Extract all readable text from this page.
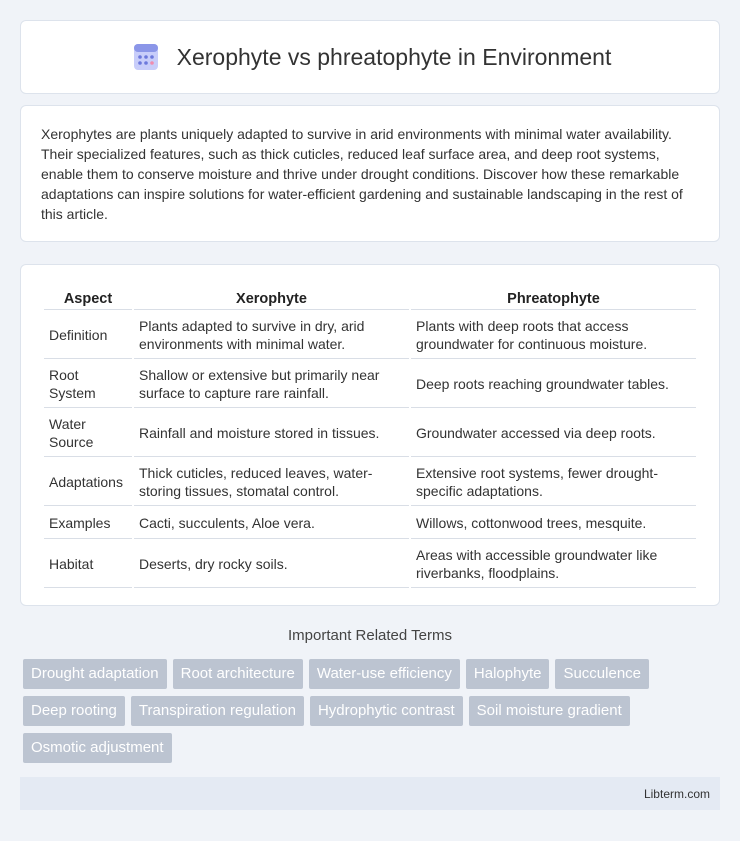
Xerophyte vs phreatophyte in Environment

Xerophytes are plants uniquely adapted to survive in arid environments with minimal water availability. Their specialized features, such as thick cuticles, reduced leaf surface area, and deep root systems, enable them to conserve moisture and thrive under drought conditions. Discover how these remarkable adaptations can inspire solutions for water-efficient gardening and sustainable landscaping in the rest of this article.

Aspect	Xerophyte	Phreatophyte
Definition	Plants adapted to survive in dry, arid environments with minimal water.	Plants with deep roots that access groundwater for continuous moisture.
Root System	Shallow or extensive but primarily near surface to capture rare rainfall.	Deep roots reaching groundwater tables.
Water Source	Rainfall and moisture stored in tissues.	Groundwater accessed via deep roots.
Adaptations	Thick cuticles, reduced leaves, water-storing tissues, stomatal control.	Extensive root systems, fewer drought-specific adaptations.
Examples	Cacti, succulents, Aloe vera.	Willows, cottonwood trees, mesquite.
Habitat	Deserts, dry rocky soils.	Areas with accessible groundwater like riverbanks, floodplains.
Important Related Terms
Drought adaptation	Root architecture	Water-use efficiency	Halophyte	Succulence
Deep rooting	Transpiration regulation	Hydrophytic contrast	Soil moisture gradient
Osmotic adjustment
Libterm.com
